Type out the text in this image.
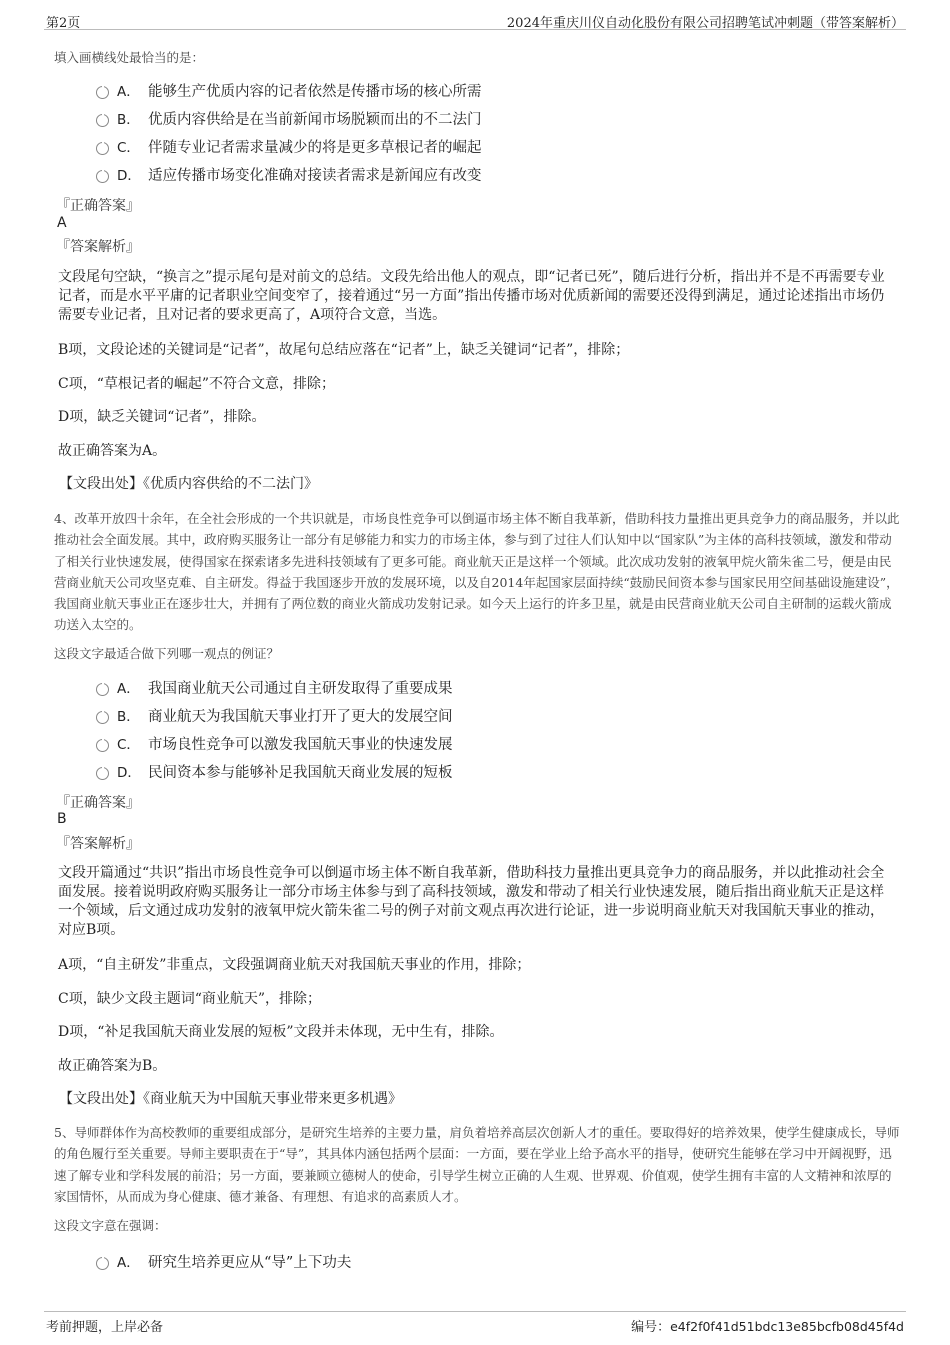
第2页	2024年重庆川仪自动化股份有限公司招聘笔试冲刺题（带答案解析）
填入画横线处最恰当的是：
A． 能够生产优质内容的记者依然是传播市场的核心所需
B． 优质内容供给是在当前新闻市场脱颖而出的不二法门
C． 伴随专业记者需求量减少的将是更多草根记者的崛起
D． 适应传播市场变化准确对接读者需求是新闻应有改变
『正确答案』
A
『答案解析』
文段尾句空缺，“换言之”提示尾句是对前文的总结。文段先给出他人的观点，即“记者已死”，随后进行分析，指出并不是不再需要专业记者，而是水平平庸的记者职业空间变窄了，接着通过“另一方面”指出传播市场对优质新闻的需要还没得到满足，通过论述指出市场仍需要专业记者，且对记者的要求更高了，A项符合文意，当选。
B项，文段论述的关键词是“记者”，故尾句总结应落在“记者”上，缺乏关键词“记者”，排除；
C项，“草根记者的崛起”不符合文意，排除；
D项，缺乏关键词“记者”，排除。
故正确答案为A。
【文段出处】《优质内容供给的不二法门》
4、改革开放四十余年，在全社会形成的一个共识就是，市场良性竞争可以倒逼市场主体不断自我革新，借助科技力量推出更具竞争力的商品服务，并以此推动社会全面发展。其中，政府购买服务让一部分有足够能力和实力的市场主体，参与到了过往人们认知中以“国家队”为主体的高科技领域，激发和带动了相关行业快速发展，使得国家在探索诸多先进科技领域有了更多可能。商业航天正是这样一个领域。此次成功发射的液氧甲烷火箭朱雀二号，便是由民营商业航天公司攻坚克难、自主研发。得益于我国逐步开放的发展环境，以及自2014年起国家层面持续“鼓励民间资本参与国家民用空间基础设施建设”，我国商业航天事业正在逐步壮大，并拥有了两位数的商业火箭成功发射记录。如今天上运行的许多卫星，就是由民营商业航天公司自主研制的运载火箭成功送入太空的。
这段文字最适合做下列哪一观点的例证？
A． 我国商业航天公司通过自主研发取得了重要成果
B． 商业航天为我国航天事业打开了更大的发展空间
C． 市场良性竞争可以激发我国航天事业的快速发展
D． 民间资本参与能够补足我国航天商业发展的短板
『正确答案』
B
『答案解析』
文段开篇通过“共识”指出市场良性竞争可以倒逼市场主体不断自我革新，借助科技力量推出更具竞争力的商品服务，并以此推动社会全面发展。接着说明政府购买服务让一部分市场主体参与到了高科技领域，激发和带动了相关行业快速发展，随后指出商业航天正是这样一个领域，后文通过成功发射的液氧甲烷火箭朱雀二号的例子对前文观点再次进行论证，进一步说明商业航天对我国航天事业的推动，对应B项。
A项，“自主研发”非重点，文段强调商业航天对我国航天事业的作用，排除；
C项，缺少文段主题词“商业航天”，排除；
D项，“补足我国航天商业发展的短板”文段并未体现，无中生有，排除。
故正确答案为B。
【文段出处】《商业航天为中国航天事业带来更多机遇》
5、导师群体作为高校教师的重要组成部分，是研究生培养的主要力量，肩负着培养高层次创新人才的重任。要取得好的培养效果，使学生健康成长，导师的角色履行至关重要。导师主要职责在于“导”，其具体内涵包括两个层面：一方面，要在学业上给予高水平的指导，使研究生能够在学习中开阔视野，迅速了解专业和学科发展的前沿；另一方面，要兼顾立德树人的使命，引导学生树立正确的人生观、世界观、价值观，使学生拥有丰富的人文精神和浓厚的家国情怀，从而成为身心健康、德才兼备、有理想、有追求的高素质人才。
这段文字意在强调：
A． 研究生培养更应从“导”上下功夫
考前押题，上岸必备	编号：e4f2f0f41d51bdc13e85bcfb08d45f4d
